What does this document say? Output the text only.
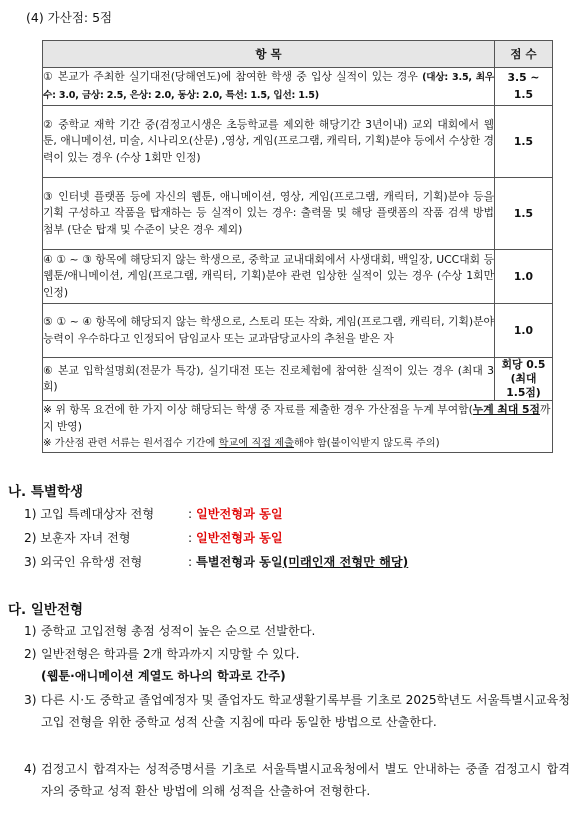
(4) 가산점: 5점
항 목	점 수
① 본교가 주최한 실기대전(당해연도)에 참여한 학생 중 입상 실적이 있는 경우 (대상: 3.5, 최우수: 3.0, 금상: 2.5, 은상: 2.0, 동상: 2.0, 특선: 1.5, 입선: 1.5)	3.5 ~
1.5

② 중학교 재학 기간 중(검정고시생은 초등학교를 제외한 해당기간 3년이내) 교외 대회에서 웹툰, 애니메이션, 미술, 시나리오(산문) ,영상, 게임(프로그램, 캐릭터, 기획)분야 등에서 수상한 경력이 있는 경우 (수상 1회만 인정)	1.5
③ 인터넷 플랫폼 등에 자신의 웹툰, 애니메이션, 영상, 게임(프로그램, 캐릭터, 기획)분야 등을 기획 구성하고 작품을 탑재하는 등 실적이 있는 경우: 출력물 및 해당 플랫폼의 작품 검색 방법 첨부 (단순 탑재 및 수준이 낮은 경우 제외)	1.5
④ ① ~ ③ 항목에 해당되지 않는 학생으로, 중학교 교내대회에서 사생대회, 백일장, UCC대회 등 웹툰/애니메이션, 게임(프로그램, 캐릭터, 기획)분야 관련 입상한 실적이 있는 경우 (수상 1회만 인정)	1.0
⑤ ① ~ ④ 항목에 해당되지 않는 학생으로, 스토리 또는 작화, 게임(프로그램, 캐릭터, 기획)분야 능력이 우수하다고 인정되어 담임교사 또는 교과담당교사의 추천을 받은 자	1.0
⑥ 본교 입학설명회(전문가 특강), 실기대전 또는 진로체험에 참여한 실적이 있는 경우 (최대 3회)	회당 0.5
(최대
1.5점)

※ 위 항목 요건에 한 가지 이상 해당되는 학생 중 자료를 제출한 경우 가산점을 누계 부여함(누계 최대 5점까지 반영)
※ 가산점 관련 서류는 원서접수 기간에 학교에 직접 제출해야 함(불이익받지 않도록 주의)	
나. 특별학생
1) 고입 특례대상자 전형	: 일반전형과 동일
2) 보훈자 자녀 전형	: 일반전형과 동일
3) 외국인 유학생 전형	: 특별전형과 동일(미래인재 전형만 해당)
다. 일반전형
1) 중학교 고입전형 총점 성적이 높은 순으로 선발한다.
2) 일반전형은 학과를 2개 학과까지 지망할 수 있다.
(웹툰·애니메이션 계열도 하나의 학과로 간주)
3) 다른 시·도 중학교 졸업예정자 및 졸업자도 학교생활기록부를 기초로 2025학년도 서울특별시교육청 고입 전형을 위한 중학교 성적 산출 지침에 따라 동일한 방법으로 산출한다.
4) 검정고시 합격자는 성적증명서를 기초로 서울특별시교육청에서 별도 안내하는 중졸 검정고시 합격자의 중학교 성적 환산 방법에 의해 성적을 산출하여 전형한다.
